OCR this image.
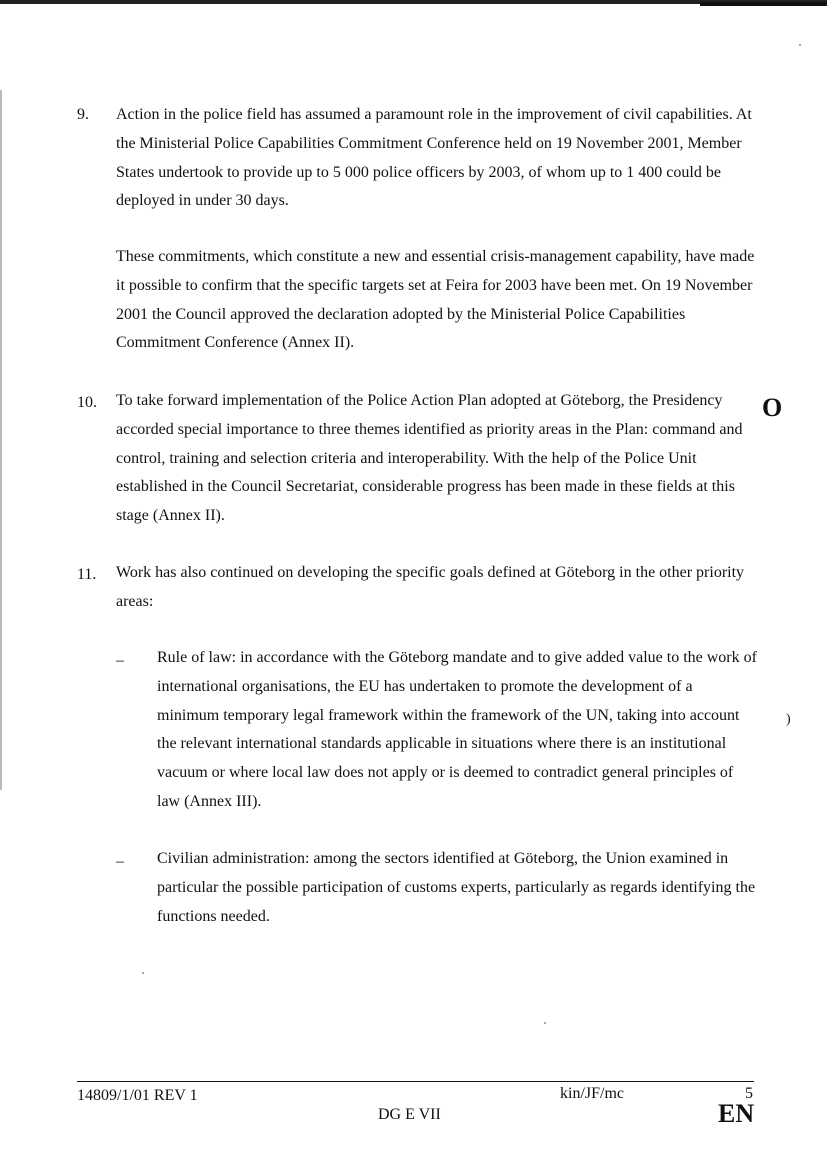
9. Action in the police field has assumed a paramount role in the improvement of civil capabilities. At the Ministerial Police Capabilities Commitment Conference held on 19 November 2001, Member States undertook to provide up to 5 000 police officers by 2003, of whom up to 1 400 could be deployed in under 30 days.
These commitments, which constitute a new and essential crisis-management capability, have made it possible to confirm that the specific targets set at Feira for 2003 have been met. On 19 November 2001 the Council approved the declaration adopted by the Ministerial Police Capabilities Commitment Conference (Annex II).
10. To take forward implementation of the Police Action Plan adopted at Göteborg, the Presidency accorded special importance to three themes identified as priority areas in the Plan: command and control, training and selection criteria and interoperability. With the help of the Police Unit established in the Council Secretariat, considerable progress has been made in these fields at this stage (Annex II).
11. Work has also continued on developing the specific goals defined at Göteborg in the other priority areas:
– Rule of law: in accordance with the Göteborg mandate and to give added value to the work of international organisations, the EU has undertaken to promote the development of a minimum temporary legal framework within the framework of the UN, taking into account the relevant international standards applicable in situations where there is an institutional vacuum or where local law does not apply or is deemed to contradict general principles of law (Annex III).
– Civilian administration: among the sectors identified at Göteborg, the Union examined in particular the possible participation of customs experts, particularly as regards identifying the functions needed.
O
)
14809/1/01 REV 1	kin/JF/mc	5
DG E VII	EN
